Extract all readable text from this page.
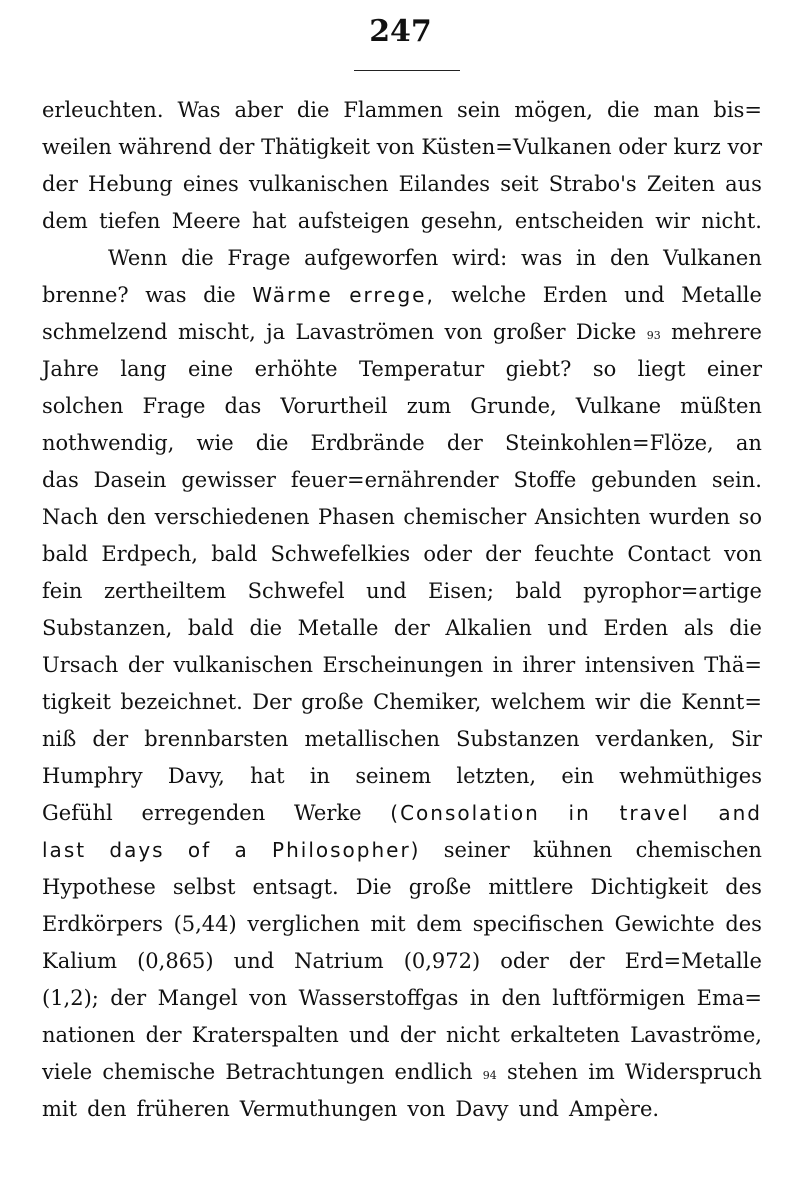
247
erleuchten. Was aber die Flammen sein mögen, die man bis=
weilen während der Thätigkeit von Küsten=Vulkanen oder kurz vor
der Hebung eines vulkanischen Eilandes seit Strabo's Zeiten aus
dem tiefen Meere hat aufsteigen gesehn, entscheiden wir nicht.
Wenn die Frage aufgeworfen wird: was in den Vulkanen
brenne? was die Wärme errege, welche Erden und Metalle
schmelzend mischt, ja Lavaströmen von großer Dicke 93 mehrere
Jahre lang eine erhöhte Temperatur giebt? so liegt einer
solchen Frage das Vorurtheil zum Grunde, Vulkane müßten
nothwendig, wie die Erdbrände der Steinkohlen=Flöze, an
das Dasein gewisser feuer=ernährender Stoffe gebunden sein.
Nach den verschiedenen Phasen chemischer Ansichten wurden so
bald Erdpech, bald Schwefelkies oder der feuchte Contact von
fein zertheiltem Schwefel und Eisen; bald pyrophor=artige
Substanzen, bald die Metalle der Alkalien und Erden als die
Ursach der vulkanischen Erscheinungen in ihrer intensiven Thä=
tigkeit bezeichnet. Der große Chemiker, welchem wir die Kennt=
niß der brennbarsten metallischen Substanzen verdanken, Sir
Humphry Davy, hat in seinem letzten, ein wehmüthiges
Gefühl erregenden Werke (Consolation in travel and
last days of a Philosopher) seiner kühnen chemischen
Hypothese selbst entsagt. Die große mittlere Dichtigkeit des
Erdkörpers (5,44) verglichen mit dem specifischen Gewichte des
Kalium (0,865) und Natrium (0,972) oder der Erd=Metalle
(1,2); der Mangel von Wasserstoffgas in den luftförmigen Ema=
nationen der Kraterspalten und der nicht erkalteten Lavaströme,
viele chemische Betrachtungen endlich 94 stehen im Widerspruch
mit den früheren Vermuthungen von Davy und Ampère.
